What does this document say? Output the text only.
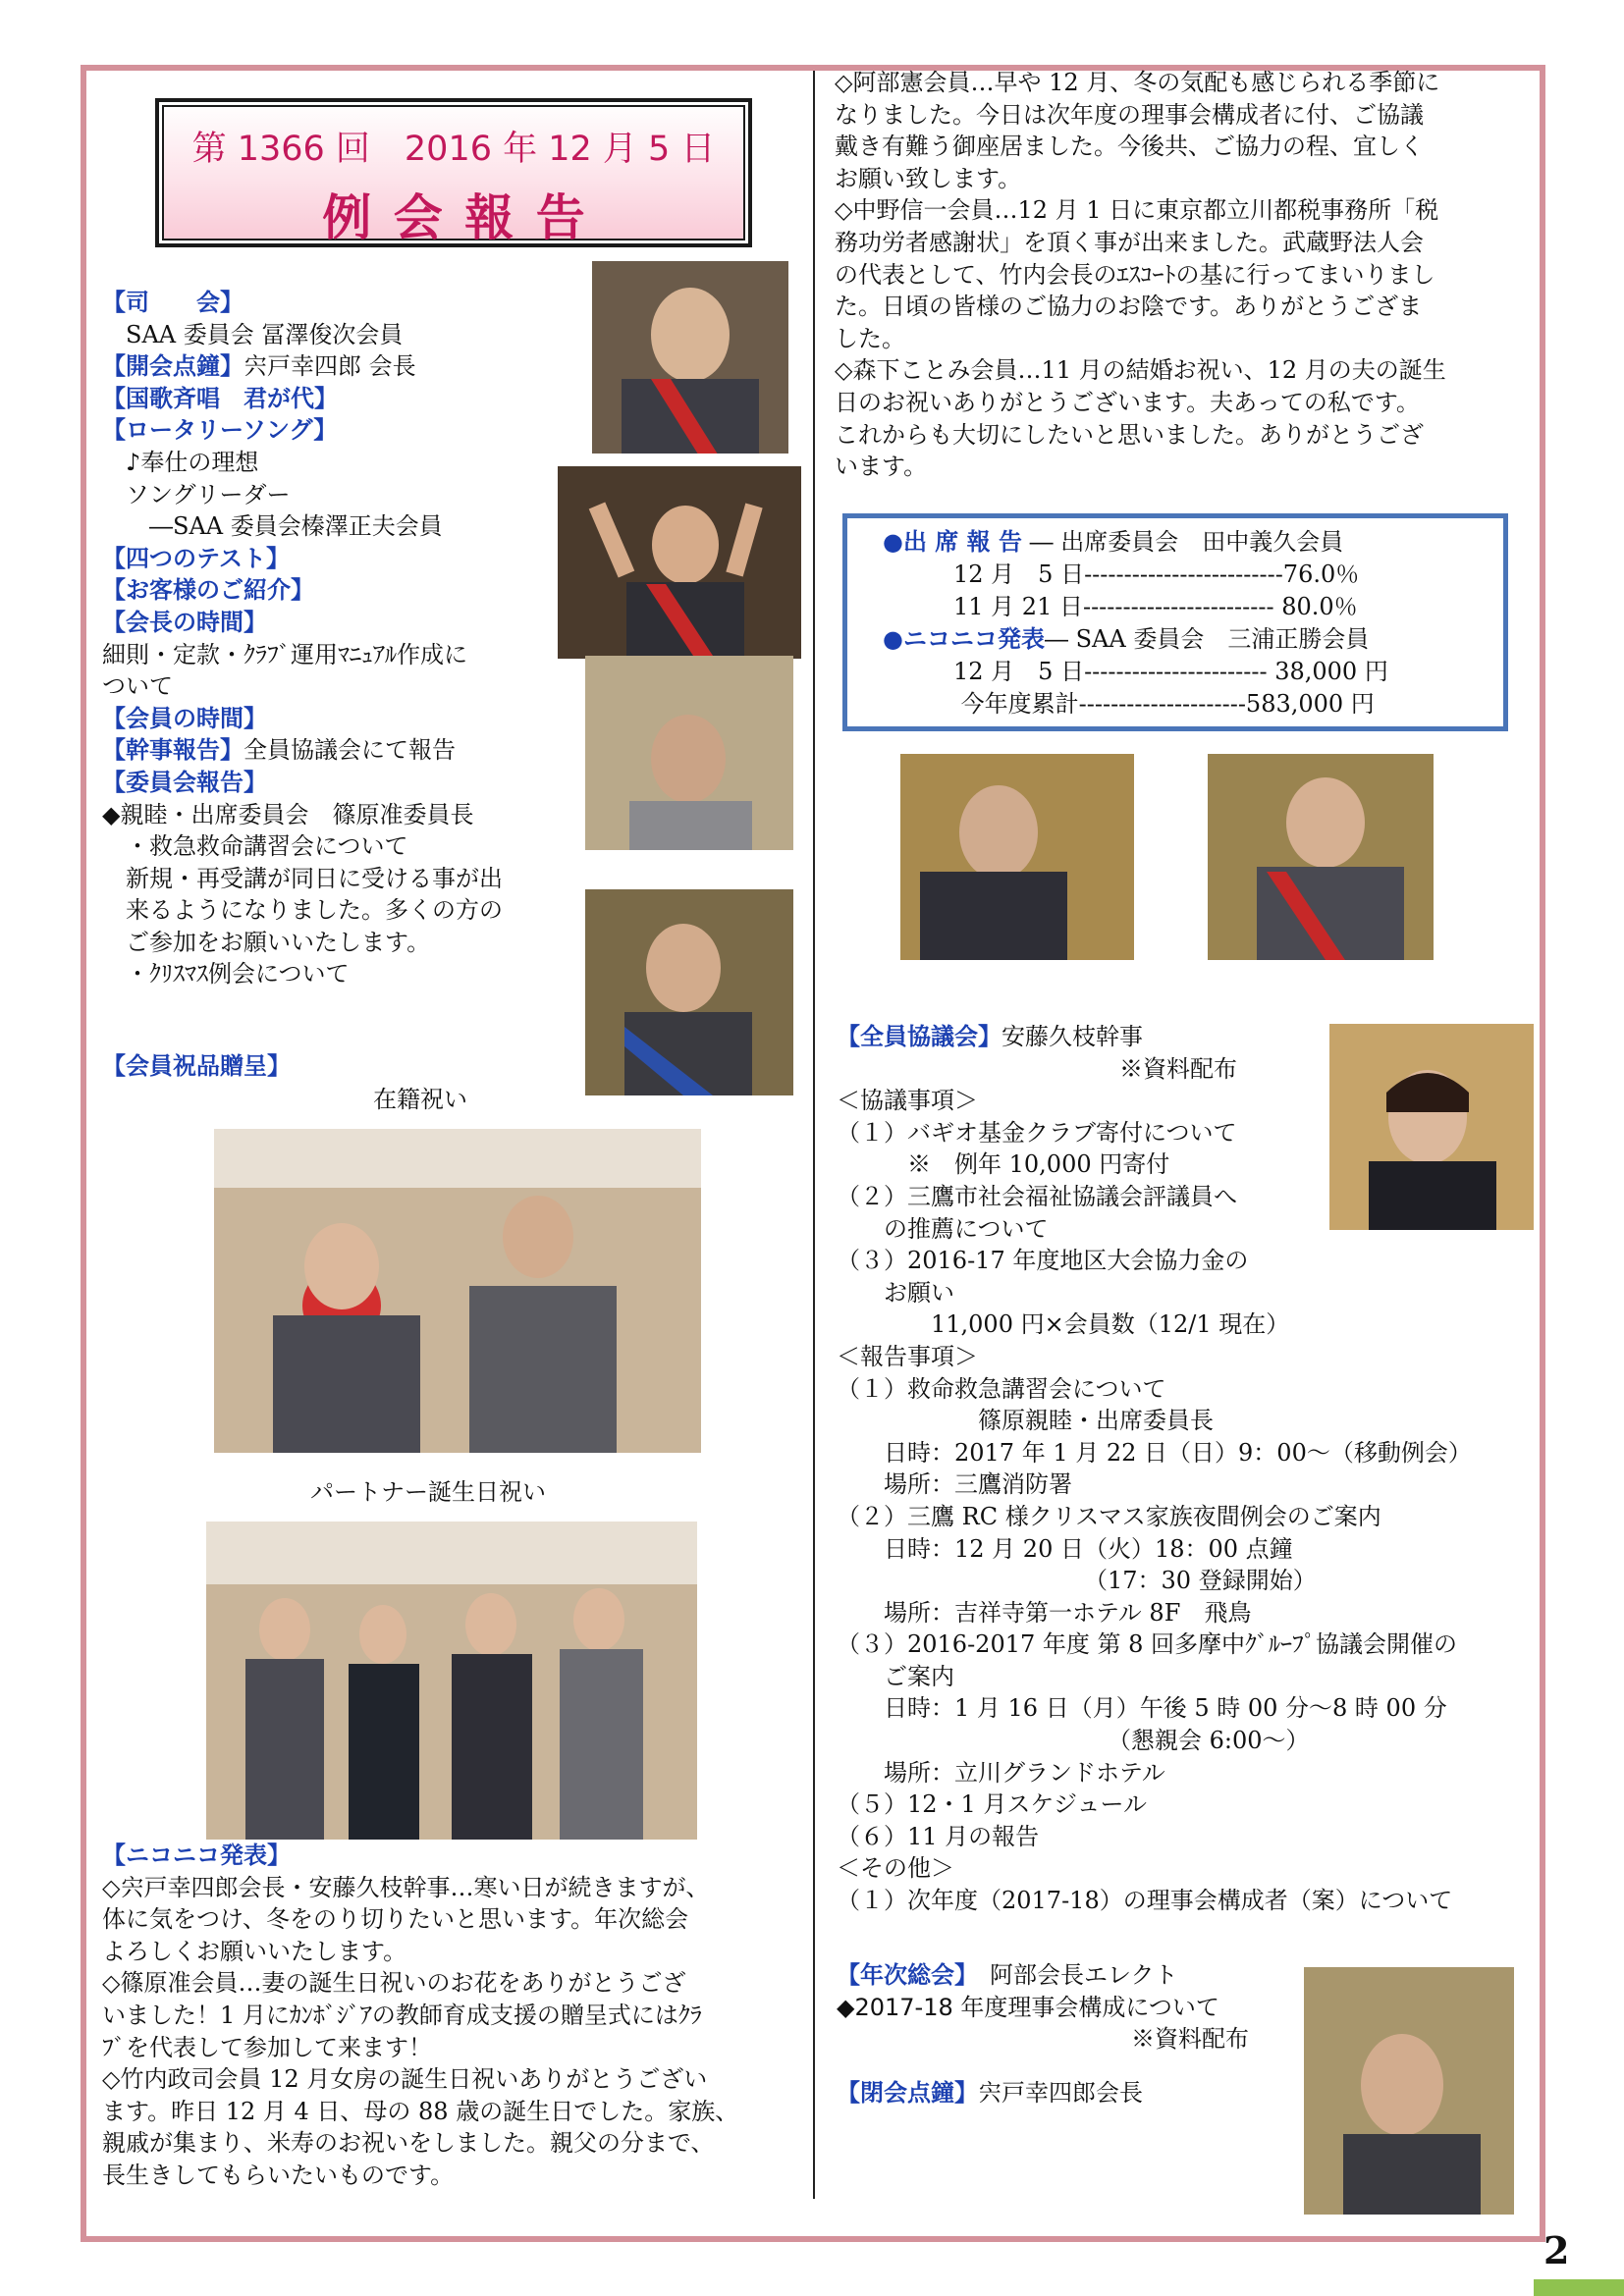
第 1366 回　2016 年 12 月 5 日
例会報告

【司　　会】

　SAA 委員会 冨澤俊次会員

【開会点鐘】宍戸幸四郎 会長

【国歌斉唱　君が代】

【ロータリーソング】

　♪奉仕の理想

　ソングリーダー

　　―SAA 委員会榛澤正夫会員

【四つのテスト】

【お客様のご紹介】

【会長の時間】

細則・定款・ｸﾗﾌﾞ運用ﾏﾆｭｱﾙ作成に

ついて

【会員の時間】

【幹事報告】全員協議会にて報告

【委員会報告】

◆親睦・出席委員会　篠原准委員長

　・救急救命講習会について

　新規・再受講が同日に受ける事が出

　来るようになりました。多くの方の

　ご参加をお願いいたします。

　・ｸﾘｽﾏｽ例会について

【会員祝品贈呈】

在籍祝い

パートナー誕生日祝い

【ニコニコ発表】

◇宍戸幸四郎会長・安藤久枝幹事…寒い日が続きますが、

体に気をつけ、冬をのり切りたいと思います。年次総会

よろしくお願いいたします。

◇篠原准会員…妻の誕生日祝いのお花をありがとうござ

いました！1 月にｶﾝﾎﾞｼﾞｱの教師育成支援の贈呈式にはｸﾗ

ﾌﾞを代表して参加して来ます！

◇竹内政司会員 12 月女房の誕生日祝いありがとうござい

ます。昨日 12 月 4 日、母の 88 歳の誕生日でした。家族、

親戚が集まり、米寿のお祝いをしました。親父の分まで、

長生きしてもらいたいものです。

◇阿部憲会員…早や 12 月、冬の気配も感じられる季節に

なりました。今日は次年度の理事会構成者に付、ご協議

戴き有難う御座居ました。今後共、ご協力の程、宜しく

お願い致します。

◇中野信一会員…12 月 1 日に東京都立川都税事務所「税

務功労者感謝状」を頂く事が出来ました。武蔵野法人会

の代表として、竹内会長のｴｽｺｰﾄの基に行ってまいりまし

た。日頃の皆様のご協力のお陰です。ありがとうござま

した。

◇森下ことみ会員…11 月の結婚お祝い、12 月の夫の誕生

日のお祝いありがとうございます。夫あっての私です。

これからも大切にしたいと思いました。ありがとうござ

います。

●出 席 報 告 ― 出席委員会　田中義久会員

　　　12 月　5 日-------------------------76.0％

　　　11 月 21 日------------------------ 80.0％

●ニコニコ発表― SAA 委員会　三浦正勝会員

　　　12 月　5 日----------------------- 38,000 円

　　　 今年度累計---------------------583,000 円

【全員協議会】安藤久枝幹事

　　　　　　　　　　　　※資料配布

＜協議事項＞

（１）バギオ基金クラブ寄付について

　　　※　例年 10,000 円寄付

（２）三鷹市社会福祉協議会評議員へ

　　の推薦について

（３）2016-17 年度地区大会協力金の

　　お願い

　　　　11,000 円×会員数（12/1 現在）

＜報告事項＞

（１）救命救急講習会について

　　　　　　篠原親睦・出席委員長

　　日時：2017 年 1 月 22 日（日）9：00～（移動例会）

　　場所：三鷹消防署

（２）三鷹 RC 様クリスマス家族夜間例会のご案内

　　日時：12 月 20 日（火）18：00 点鐘

　　　　　　　　　　　（17：30 登録開始）

　　場所：吉祥寺第一ホテル 8F　飛鳥

（３）2016-2017 年度 第 8 回多摩中ｸﾞﾙｰﾌﾟ協議会開催の

　　ご案内

　　日時：1 月 16 日（月）午後 5 時 00 分～8 時 00 分

　　　　　　　　　　　　（懇親会 6:00～）

　　場所：立川グランドホテル

（５）12・1 月スケジュール

（６）11 月の報告

＜その他＞

（１）次年度（2017-18）の理事会構成者（案）について

【年次総会】　阿部会長エレクト

◆2017-18 年度理事会構成について

※資料配布

【閉会点鐘】宍戸幸四郎会長

2
